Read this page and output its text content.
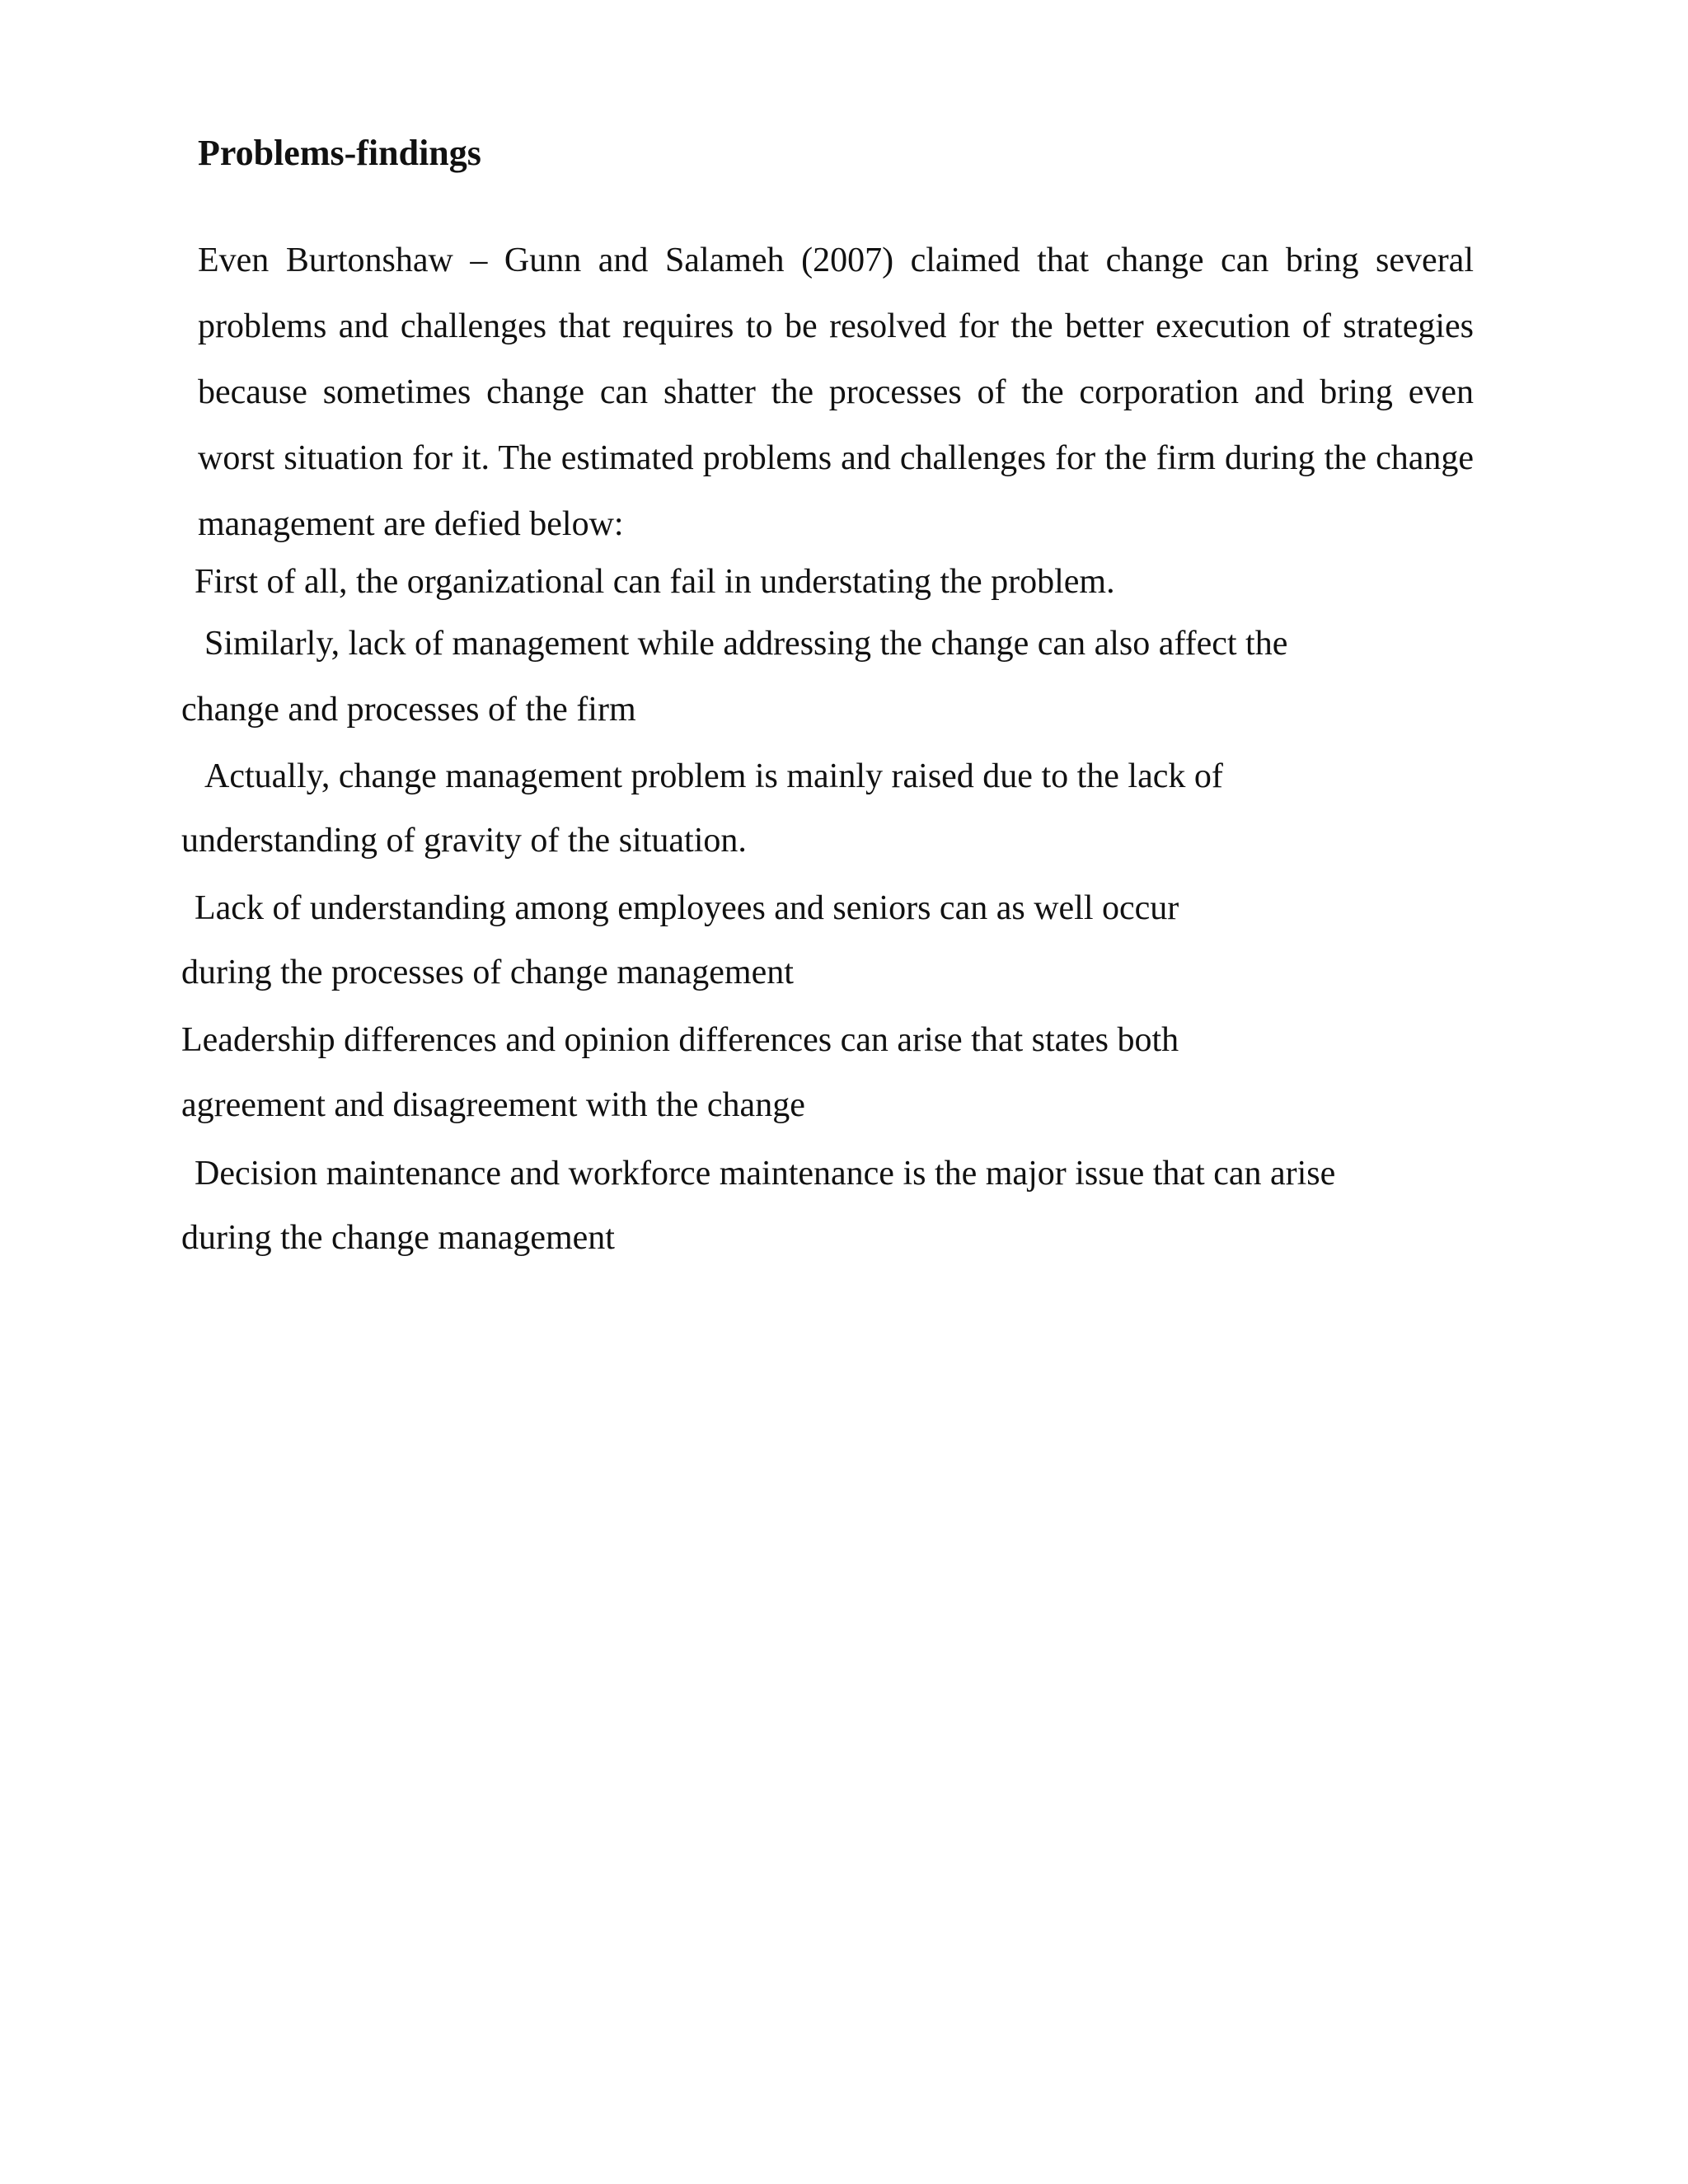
Problems-findings

Even Burtonshaw – Gunn and Salameh (2007) claimed that change can bring several problems and challenges that requires to be resolved for the better execution of strategies because sometimes change can shatter the processes of the corporation and bring even worst situation for it. The estimated problems and challenges for the firm during the change management are defied below:

First of all, the organizational can fail in understating the problem.

Similarly, lack of management while addressing the change can also affect the

change and processes of the firm

Actually, change management problem is mainly raised due to the lack of

understanding of gravity of the situation.

Lack of understanding among employees and seniors can as well occur

during the processes of change management

Leadership differences and opinion differences can arise that states both

agreement and disagreement with the change

Decision maintenance and workforce maintenance is the major issue that can arise

during the change management
